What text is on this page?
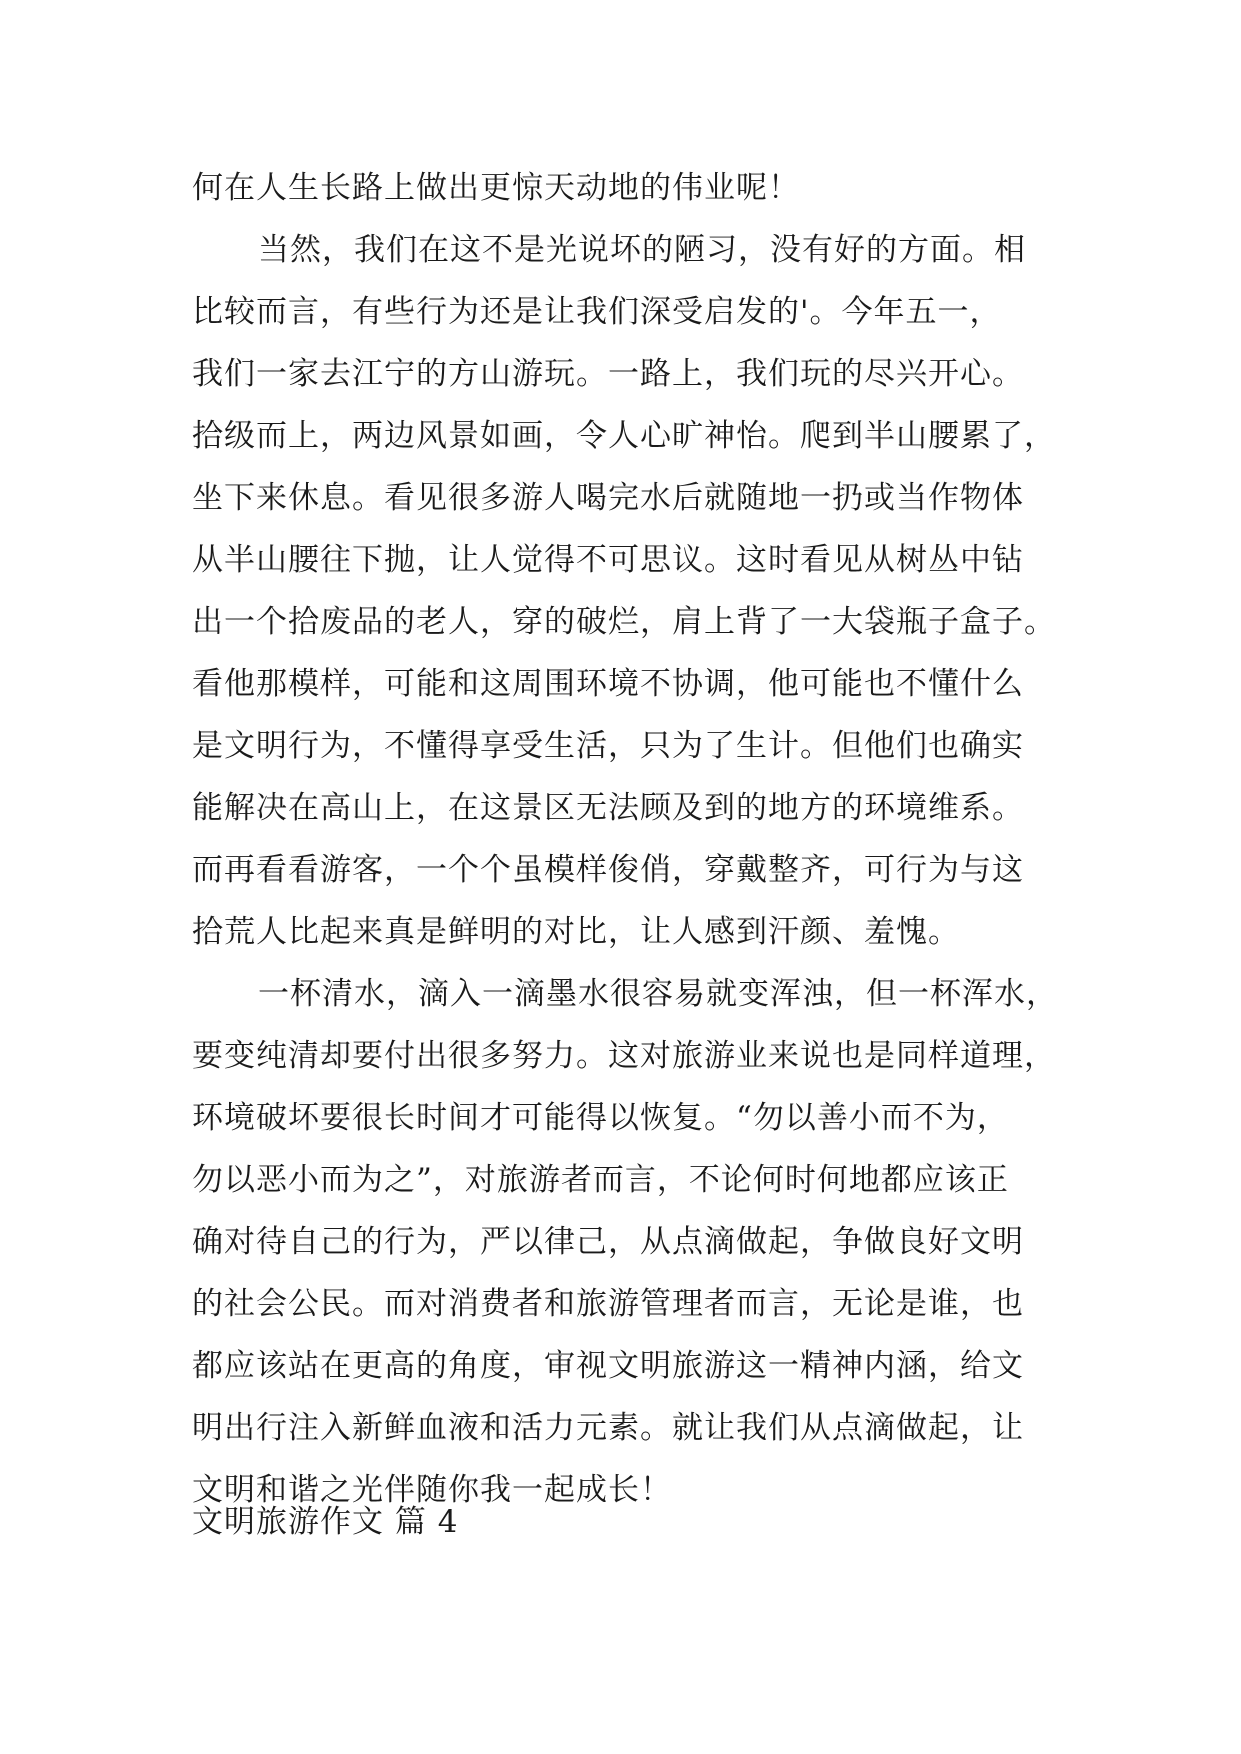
何在人生长路上做出更惊天动地的伟业呢！
当然，我们在这不是光说坏的陋习，没有好的方面。相
比较而言，有些行为还是让我们深受启发的'。今年五一，
我们一家去江宁的方山游玩。一路上，我们玩的尽兴开心。
拾级而上，两边风景如画，令人心旷神怡。爬到半山腰累了，
坐下来休息。看见很多游人喝完水后就随地一扔或当作物体
从半山腰往下抛，让人觉得不可思议。这时看见从树丛中钻
出一个拾废品的老人，穿的破烂，肩上背了一大袋瓶子盒子。
看他那模样，可能和这周围环境不协调，他可能也不懂什么
是文明行为，不懂得享受生活，只为了生计。但他们也确实
能解决在高山上，在这景区无法顾及到的地方的环境维系。
而再看看游客，一个个虽模样俊俏，穿戴整齐，可行为与这
拾荒人比起来真是鲜明的对比，让人感到汗颜、羞愧。
一杯清水，滴入一滴墨水很容易就变浑浊，但一杯浑水，
要变纯清却要付出很多努力。这对旅游业来说也是同样道理，
环境破坏要很长时间才可能得以恢复。“勿以善小而不为，
勿以恶小而为之”，对旅游者而言，不论何时何地都应该正
确对待自己的行为，严以律己，从点滴做起，争做良好文明
的社会公民。而对消费者和旅游管理者而言，无论是谁，也
都应该站在更高的角度，审视文明旅游这一精神内涵，给文
明出行注入新鲜血液和活力元素。就让我们从点滴做起，让
文明和谐之光伴随你我一起成长！
文明旅游作文 篇 4
